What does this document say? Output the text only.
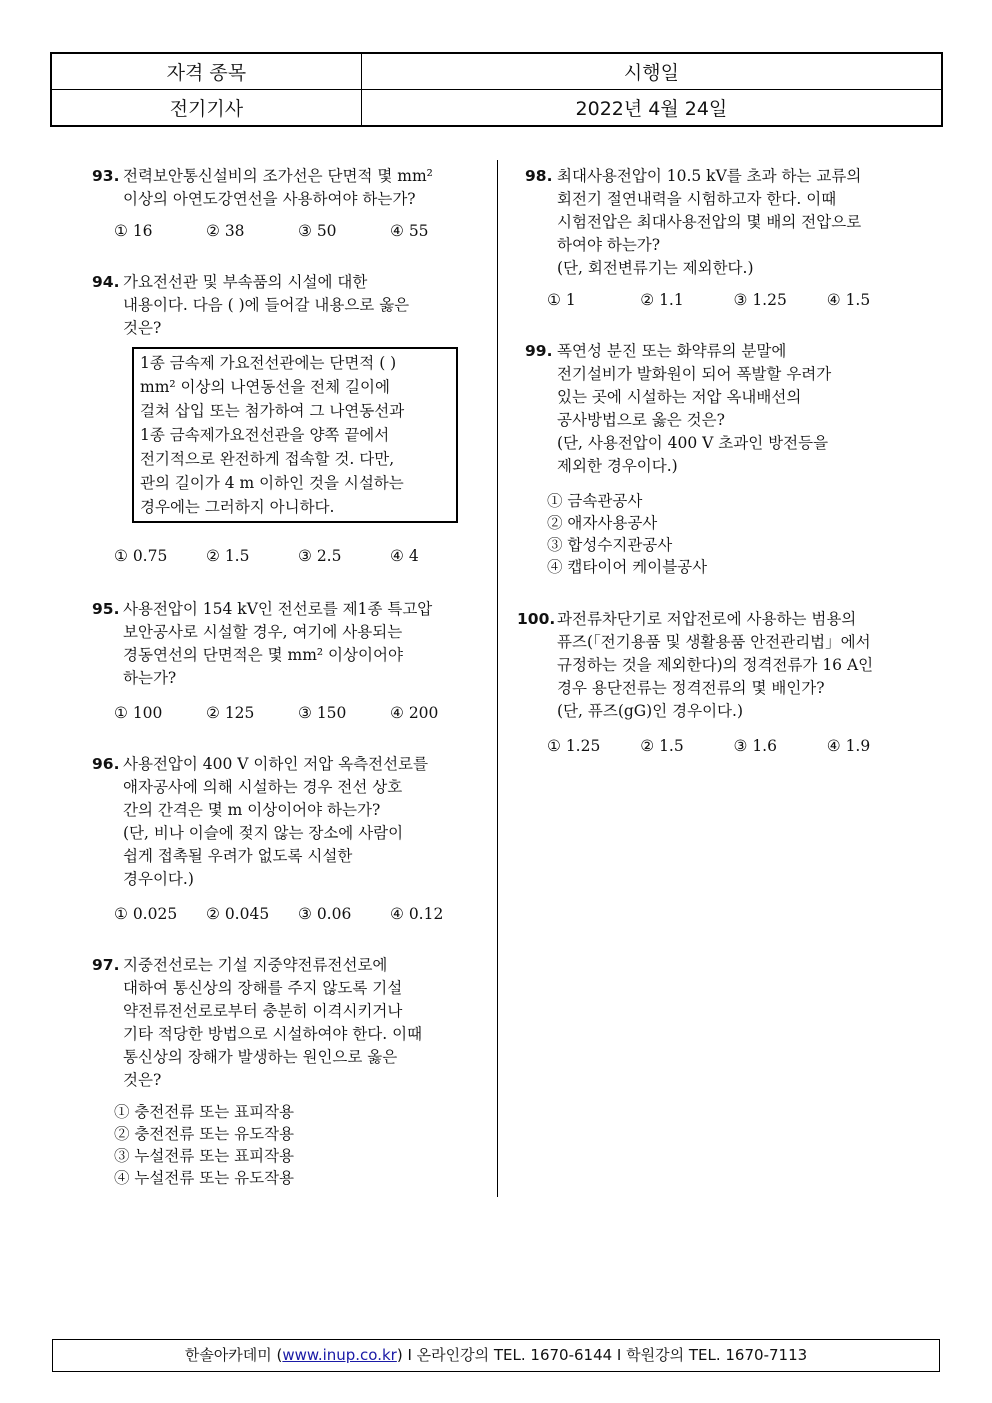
자격 종목	시행일
전기기사	2022년 4월 24일
93. 전력보안통신설비의 조가선은 단면적 몇 mm²
이상의 아연도강연선을 사용하여야 하는가?
① 16	② 38	③ 50	④ 55
94. 가요전선관 및 부속품의 시설에 대한
내용이다. 다음 ( )에 들어갈 내용으로 옳은
것은?
1종 금속제 가요전선관에는 단면적 ( )
mm² 이상의 나연동선을 전체 길이에
걸쳐 삽입 또는 첨가하여 그 나연동선과
1종 금속제가요전선관을 양쪽 끝에서
전기적으로 완전하게 접속할 것. 다만,
관의 길이가 4 m 이하인 것을 시설하는
경우에는 그러하지 아니하다.
① 0.75	② 1.5	③ 2.5	④ 4
95. 사용전압이 154 kV인 전선로를 제1종 특고압
보안공사로 시설할 경우, 여기에 사용되는
경동연선의 단면적은 몇 mm² 이상이어야
하는가?
① 100	② 125	③ 150	④ 200
96. 사용전압이 400 V 이하인 저압 옥측전선로를
애자공사에 의해 시설하는 경우 전선 상호
간의 간격은 몇 m 이상이어야 하는가?
(단, 비나 이슬에 젖지 않는 장소에 사람이
쉽게 접촉될 우려가 없도록 시설한
경우이다.)
① 0.025	② 0.045	③ 0.06	④ 0.12
97. 지중전선로는 기설 지중약전류전선로에
대하여 통신상의 장해를 주지 않도록 기설
약전류전선로로부터 충분히 이격시키거나
기타 적당한 방법으로 시설하여야 한다. 이때
통신상의 장해가 발생하는 원인으로 옳은
것은?
① 충전전류 또는 표피작용
② 충전전류 또는 유도작용
③ 누설전류 또는 표피작용
④ 누설전류 또는 유도작용
98. 최대사용전압이 10.5 kV를 초과 하는 교류의
회전기 절연내력을 시험하고자 한다. 이때
시험전압은 최대사용전압의 몇 배의 전압으로
하여야 하는가?
(단, 회전변류기는 제외한다.)
① 1	② 1.1	③ 1.25	④ 1.5
99. 폭연성 분진 또는 화약류의 분말에
전기설비가 발화원이 되어 폭발할 우려가
있는 곳에 시설하는 저압 옥내배선의
공사방법으로 옳은 것은?
(단, 사용전압이 400 V 초과인 방전등을
제외한 경우이다.)
① 금속관공사
② 애자사용공사
③ 합성수지관공사
④ 캡타이어 케이블공사
100. 과전류차단기로 저압전로에 사용하는 범용의
퓨즈(「전기용품 및 생활용품 안전관리법」에서
규정하는 것을 제외한다)의 정격전류가 16 A인
경우 용단전류는 정격전류의 몇 배인가?
(단, 퓨즈(gG)인 경우이다.)
① 1.25	② 1.5	③ 1.6	④ 1.9
한솔아카데미 (www.inup.co.kr) I 온라인강의 TEL. 1670-6144 I 학원강의 TEL. 1670-7113
